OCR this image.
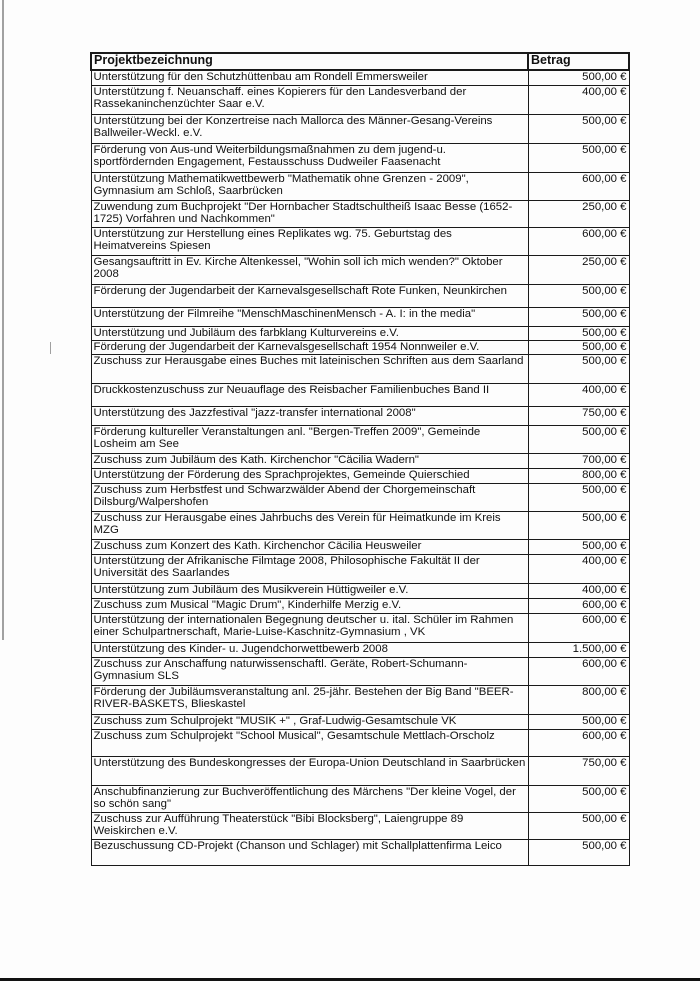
Projektbezeichnung	Betrag
Unterstützung für den Schutzhüttenbau am Rondell Emmersweiler	500,00 €
Unterstützung f. Neuanschaff. eines Kopierers für den Landesverband der Rassekaninchenzüchter Saar e.V.	400,00 €
Unterstützung bei der Konzertreise nach Mallorca des Männer-Gesang-Vereins Ballweiler-Weckl. e.V.	500,00 €
Förderung von Aus-und Weiterbildungsmaßnahmen zu dem jugend-u. sportfördernden Engagement, Festausschuss Dudweiler Faasenacht	500,00 €
Unterstützung Mathematikwettbewerb "Mathematik ohne Grenzen - 2009", Gymnasium am Schloß, Saarbrücken	600,00 €
Zuwendung zum Buchprojekt "Der Hornbacher Stadtschultheiß Isaac Besse (1652-1725) Vorfahren und Nachkommen"	250,00 €
Unterstützung zur Herstellung eines Replikates wg. 75. Geburtstag des Heimatvereins Spiesen	600,00 €
Gesangsauftritt in Ev. Kirche Altenkessel, "Wohin soll ich mich wenden?" Oktober 2008	250,00 €
Förderung der Jugendarbeit der Karnevalsgesellschaft Rote Funken, Neunkirchen	500,00 €
Unterstützung der Filmreihe "MenschMaschinenMensch - A. I: in the media"	500,00 €
Unterstützung und Jubiläum des farbklang Kulturvereins e.V.	500,00 €
Förderung der Jugendarbeit der Karnevalsgesellschaft 1954 Nonnweiler e.V.	500,00 €
Zuschuss zur Herausgabe eines Buches mit lateinischen Schriften aus dem Saarland	500,00 €
Druckkostenzuschuss zur Neuauflage des Reisbacher Familienbuches Band II	400,00 €
Unterstützung des Jazzfestival "jazz-transfer international 2008"	750,00 €
Förderung kultureller Veranstaltungen anl. "Bergen-Treffen 2009", Gemeinde Losheim am See	500,00 €
Zuschuss zum Jubiläum des Kath. Kirchenchor "Cäcilia Wadern"	700,00 €
Unterstützung der Förderung des Sprachprojektes, Gemeinde Quierschied	800,00 €
Zuschuss zum Herbstfest und Schwarzwälder Abend der Chorgemeinschaft Dilsburg/Walpershofen	500,00 €
Zuschuss zur Herausgabe eines Jahrbuchs des Verein für Heimatkunde im Kreis MZG	500,00 €
Zuschuss zum Konzert des Kath. Kirchenchor Cäcilia Heusweiler	500,00 €
Unterstützung der Afrikanische Filmtage 2008, Philosophische Fakultät II der Universität des Saarlandes	400,00 €
Unterstützung zum Jubiläum des Musikverein Hüttigweiler e.V.	400,00 €
Zuschuss zum Musical "Magic Drum", Kinderhilfe Merzig e.V.	600,00 €
Unterstützung der internationalen Begegnung deutscher u. ital. Schüler im Rahmen einer Schulpartnerschaft, Marie-Luise-Kaschnitz-Gymnasium , VK	600,00 €
Unterstützung des Kinder- u. Jugendchorwettbewerb 2008	1.500,00 €
Zuschuss zur Anschaffung naturwissenschaftl. Geräte, Robert-Schumann-Gymnasium SLS	600,00 €
Förderung der Jubiläumsveranstaltung anl. 25-jähr. Bestehen der Big Band "BEER-RIVER-BASKETS, Blieskastel	800,00 €
Zuschuss zum Schulprojekt "MUSIK +" , Graf-Ludwig-Gesamtschule VK	500,00 €
Zuschuss zum Schulprojekt "School Musical", Gesamtschule Mettlach-Orscholz	600,00 €
Unterstützung des Bundeskongresses der Europa-Union Deutschland in Saarbrücken	750,00 €
Anschubfinanzierung zur Buchveröffentlichung des Märchens "Der kleine Vogel, der so schön sang"	500,00 €
Zuschuss zur Aufführung Theaterstück "Bibi Blocksberg", Laiengruppe 89 Weiskirchen e.V.	500,00 €
Bezuschussung CD-Projekt (Chanson und Schlager) mit Schallplattenfirma Leico	500,00 €
